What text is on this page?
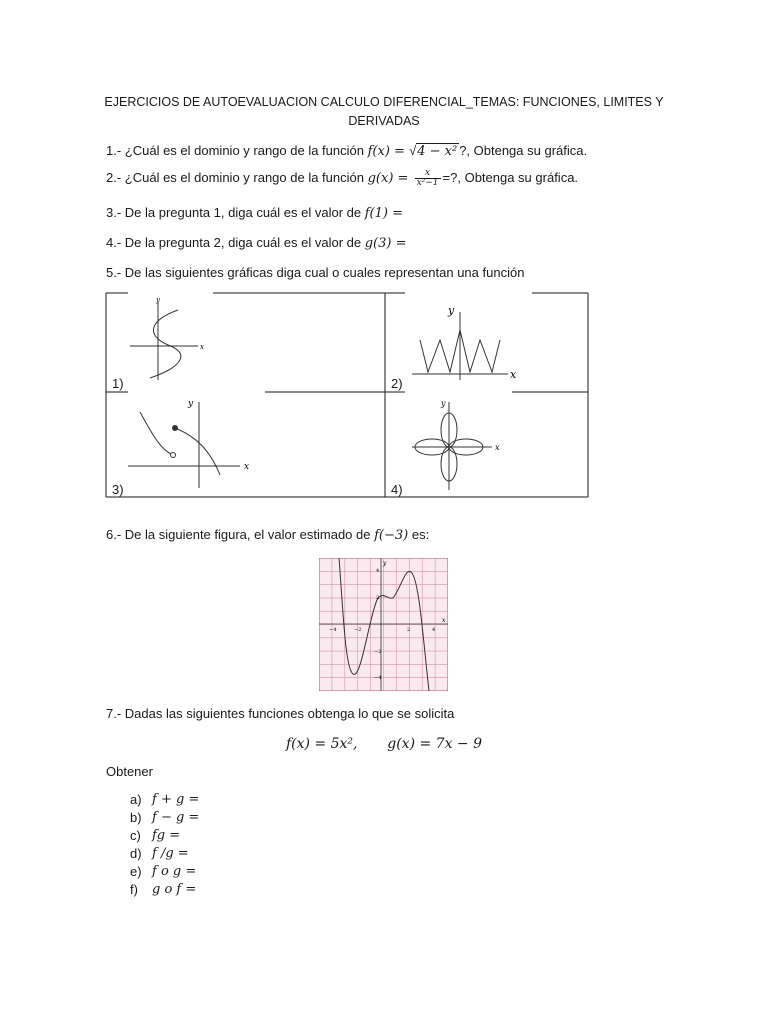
EJERCICIOS DE AUTOEVALUACION CALCULO DIFERENCIAL_TEMAS: FUNCIONES, LIMITES Y
DERIVADAS
1.- ¿Cuál es el dominio y rango de la función f(x) = √4 − x² ?, Obtenga su gráfica.
2.- ¿Cuál es el dominio y rango de la función $g(x) = \frac{x}{\text{x²−1}}$ =?, Obtenga su gráfica.
3.- De la pregunta 1, diga cuál es el valor de f(1) =
4.- De la pregunta 2, diga cuál es el valor de g(3) =
5.- De las siguientes gráficas diga cual o cuales representan una función
y
x
y
x
y
x
y
x
1)	2)
3)	4)
6.- De la siguiente figura, el valor estimado de f(−3) es:
−4	−2	2	4
4
2
−2
−4
y
x
7.- Dadas las siguientes funciones obtenga lo que se solicita
f(x) = 5x², g(x) = 7x − 9
Obtener
a) f + g =
b) f − g =
c) fg =
d) f /g =
e) f o g =
f) g o f =
